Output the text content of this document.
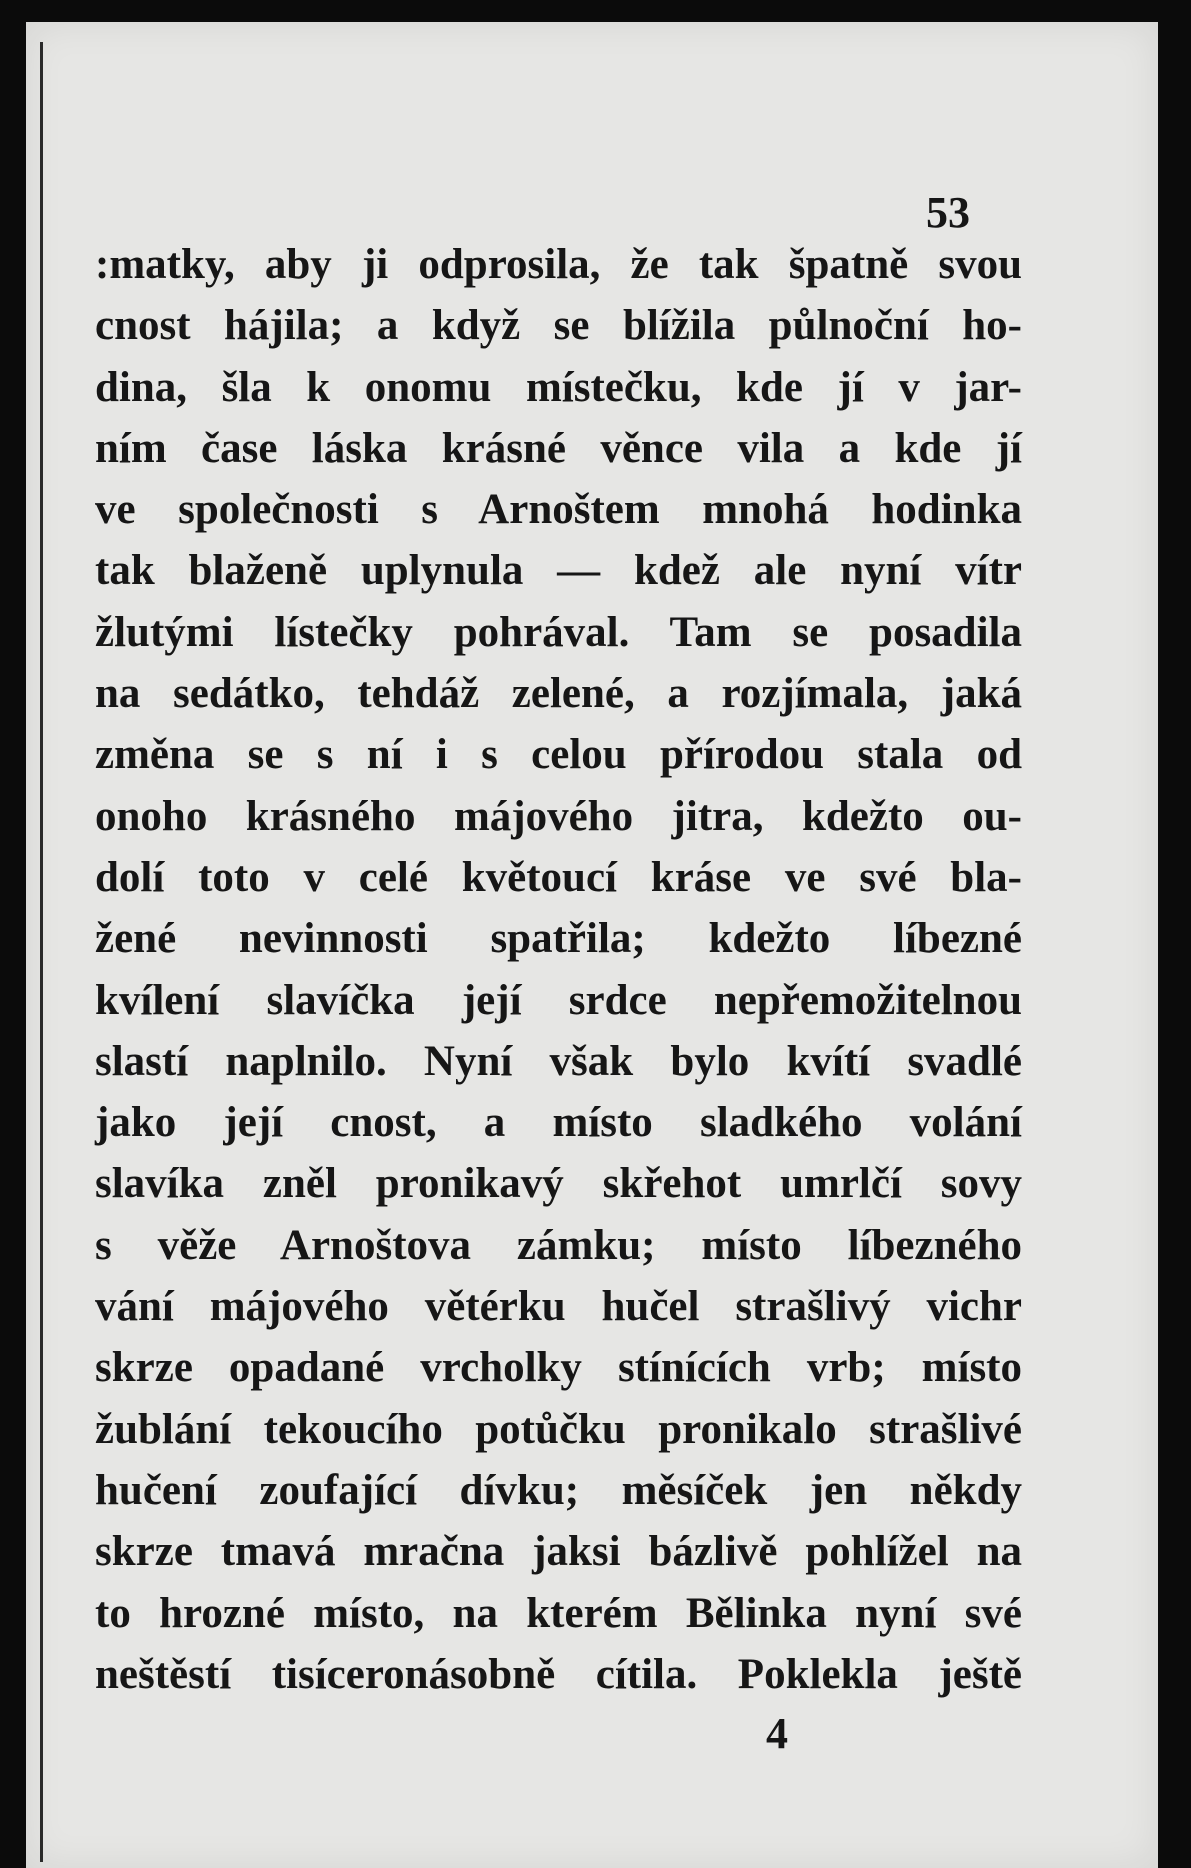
53
:matky, aby ji odprosila, že tak špatně svou
cnost hájila; a když se blížila půlnoční ho-
dina, šla k onomu místečku, kde jí v jar-
ním čase láska krásné věnce vila a kde jí
ve společnosti s Arnoštem mnohá hodinka
tak blaženě uplynula — kdež ale nyní vítr
žlutými lístečky pohrával. Tam se posadila
na sedátko, tehdáž zelené, a rozjímala, jaká
změna se s ní i s celou přírodou stala od
onoho krásného májového jitra, kdežto ou-
dolí toto v celé květoucí kráse ve své bla-
žené nevinnosti spatřila; kdežto líbezné
kvílení slavíčka její srdce nepřemožitelnou
slastí naplnilo. Nyní však bylo kvítí svadlé
jako její cnost, a místo sladkého volání
slavíka zněl pronikavý skřehot umrlčí sovy
s věže Arnoštova zámku; místo líbezného
vání májového větérku hučel strašlivý vichr
skrze opadané vrcholky stínících vrb; místo
žublání tekoucího potůčku pronikalo strašlivé
hučení zoufající dívku; měsíček jen někdy
skrze tmavá mračna jaksi bázlivě pohlížel na
to hrozné místo, na kterém Bělinka nyní své
neštěstí tisíceronásobně cítila. Poklekla ještě
4
